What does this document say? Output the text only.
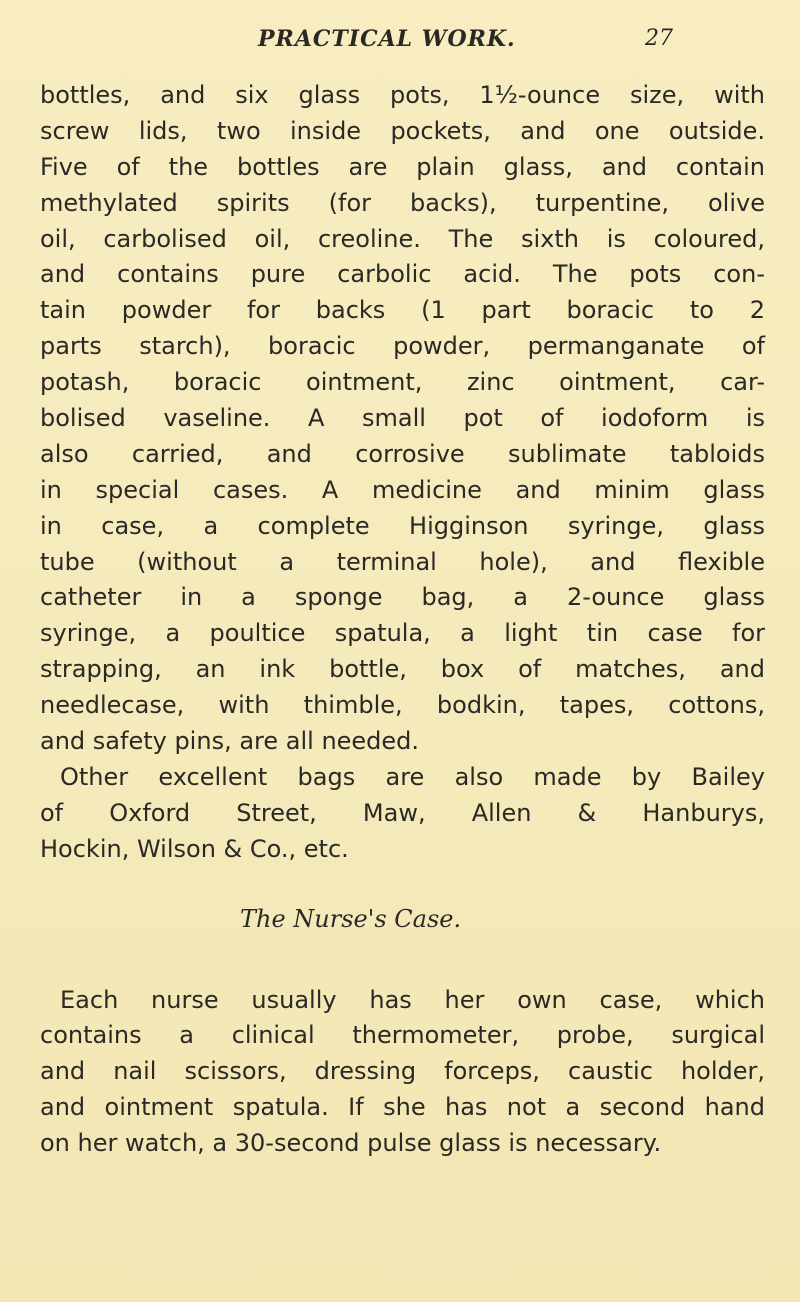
PRACTICAL WORK.	27
bottles, and six glass pots, 1½-ounce size, with
screw lids, two inside pockets, and one outside.
Five of the bottles are plain glass, and contain
methylated spirits (for backs), turpentine, olive
oil, carbolised oil, creoline. The sixth is coloured,
and contains pure carbolic acid. The pots con-
tain powder for backs (1 part boracic to 2
parts starch), boracic powder, permanganate of
potash, boracic ointment, zinc ointment, car-
bolised vaseline. A small pot of iodoform is
also carried, and corrosive sublimate tabloids
in special cases. A medicine and minim glass
in case, a complete Higginson syringe, glass
tube (without a terminal hole), and flexible
catheter in a sponge bag, a 2-ounce glass
syringe, a poultice spatula, a light tin case for
strapping, an ink bottle, box of matches, and
needlecase, with thimble, bodkin, tapes, cottons,
and safety pins, are all needed.
Other excellent bags are also made by Bailey
of Oxford Street, Maw, Allen & Hanburys,
Hockin, Wilson & Co., etc.
The Nurse's Case.
Each nurse usually has her own case, which
contains a clinical thermometer, probe, surgical
and nail scissors, dressing forceps, caustic holder,
and ointment spatula. If she has not a second hand
on her watch, a 30-second pulse glass is necessary.
